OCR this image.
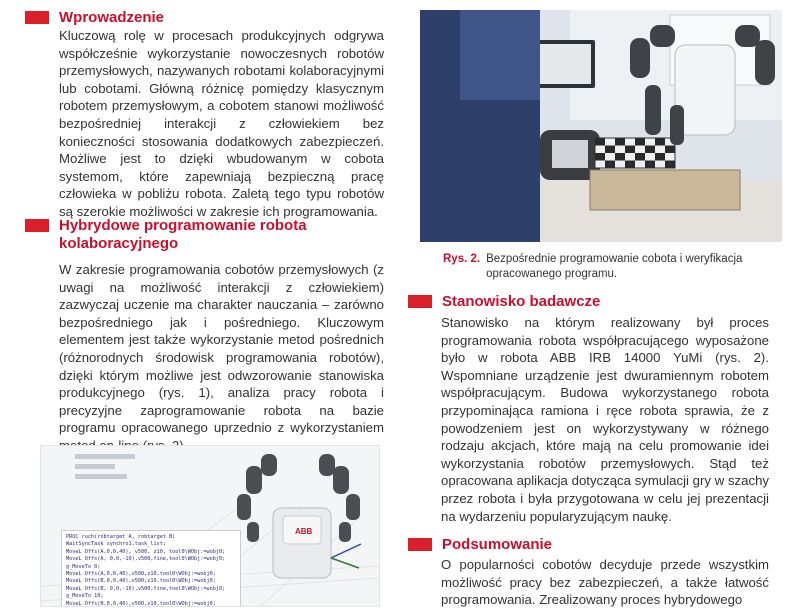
Wprowadzenie

Kluczową rolę w procesach produkcyjnych odgrywa współcześnie wykorzystanie nowoczesnych robotów przemysłowych, nazywanych robotami kolaboracyjnymi lub cobotami. Główną różnicę pomiędzy klasycznym robotem przemysłowym, a cobotem stanowi możliwość bezpośredniej interakcji z człowiekiem bez konieczności stosowania dodatkowych zabezpieczeń. Możliwe jest to dzięki wbudowanym w cobota systemom, które zapewniają bezpieczną pracę człowieka w pobliżu robota. Zaletą tego typu robotów są szerokie możliwości w zakresie ich programowania.

Hybrydowe programowanie robota kolaboracyjnego

W zakresie programowania cobotów przemysłowych (z uwagi na możliwość interakcji z człowiekiem) zazwyczaj uczenie ma charakter nauczania – zarówno bezpośredniego jak i pośredniego. Kluczowym elementem jest także wykorzystanie metod pośrednich (różnorodnych środowisk programowania robotów), dzięki którym możliwe jest odwzorowanie stanowiska produkcyjnego (rys. 1), analiza pracy robota i precyzyjne zaprogramowanie robota na bazie programu opracowanego uprzednio z wykorzystaniem

ABB
PROC ruch(robtarget A, robtarget B)
WaitSyncTask synchro1,task_list;
MoveL Offs(A,0,0,40), v500, z10, tool0\WObj:=wobj0;
MoveL Offs(A, 0,0,-10),v500,fine,tool0\WObj:=wobj0;
g_MoveTo 0;
MoveL Offs(A,0,0,40),v500,z10,tool0\WObj:=wobj0;
MoveL Offs(B,0,0,40),v500,z10,tool0\WObj:=wobj0;
MoveL Offs(B, 0,0,-10),v500,fine,tool0\WObj:=wobj0;
g_MoveTo 10;
MoveL Offs(B,0,0,40),v500,z10,tool0\WObj:=wobj0;
Rys. 2. Bezpośrednie programowanie cobota i weryfikacja opracowanego programu.
Stanowisko badawcze

Stanowisko na którym realizowany był proces programowania robota współpracującego wyposażone było w robota ABB IRB 14000 YuMi (rys. 2). Wspomniane urządzenie jest dwuramiennym robotem współpracującym. Budowa wykorzystanego robota przypominająca ramiona i ręce robota sprawia, że z powodzeniem jest on wykorzystywany w różnego rodzaju akcjach, które mają na celu promowanie idei wykorzystania robotów przemysłowych. Stąd też opracowana aplikacja dotycząca symulacji gry w szachy przez robota i była przygotowana w celu jej prezentacji na wydarzeniu popularyzującym naukę.

Podsumowanie

O popularności cobotów decyduje przede wszystkim możliwość pracy bez zabezpieczeń, a także łatwość programowania. Zrealizowany proces hybrydowego
